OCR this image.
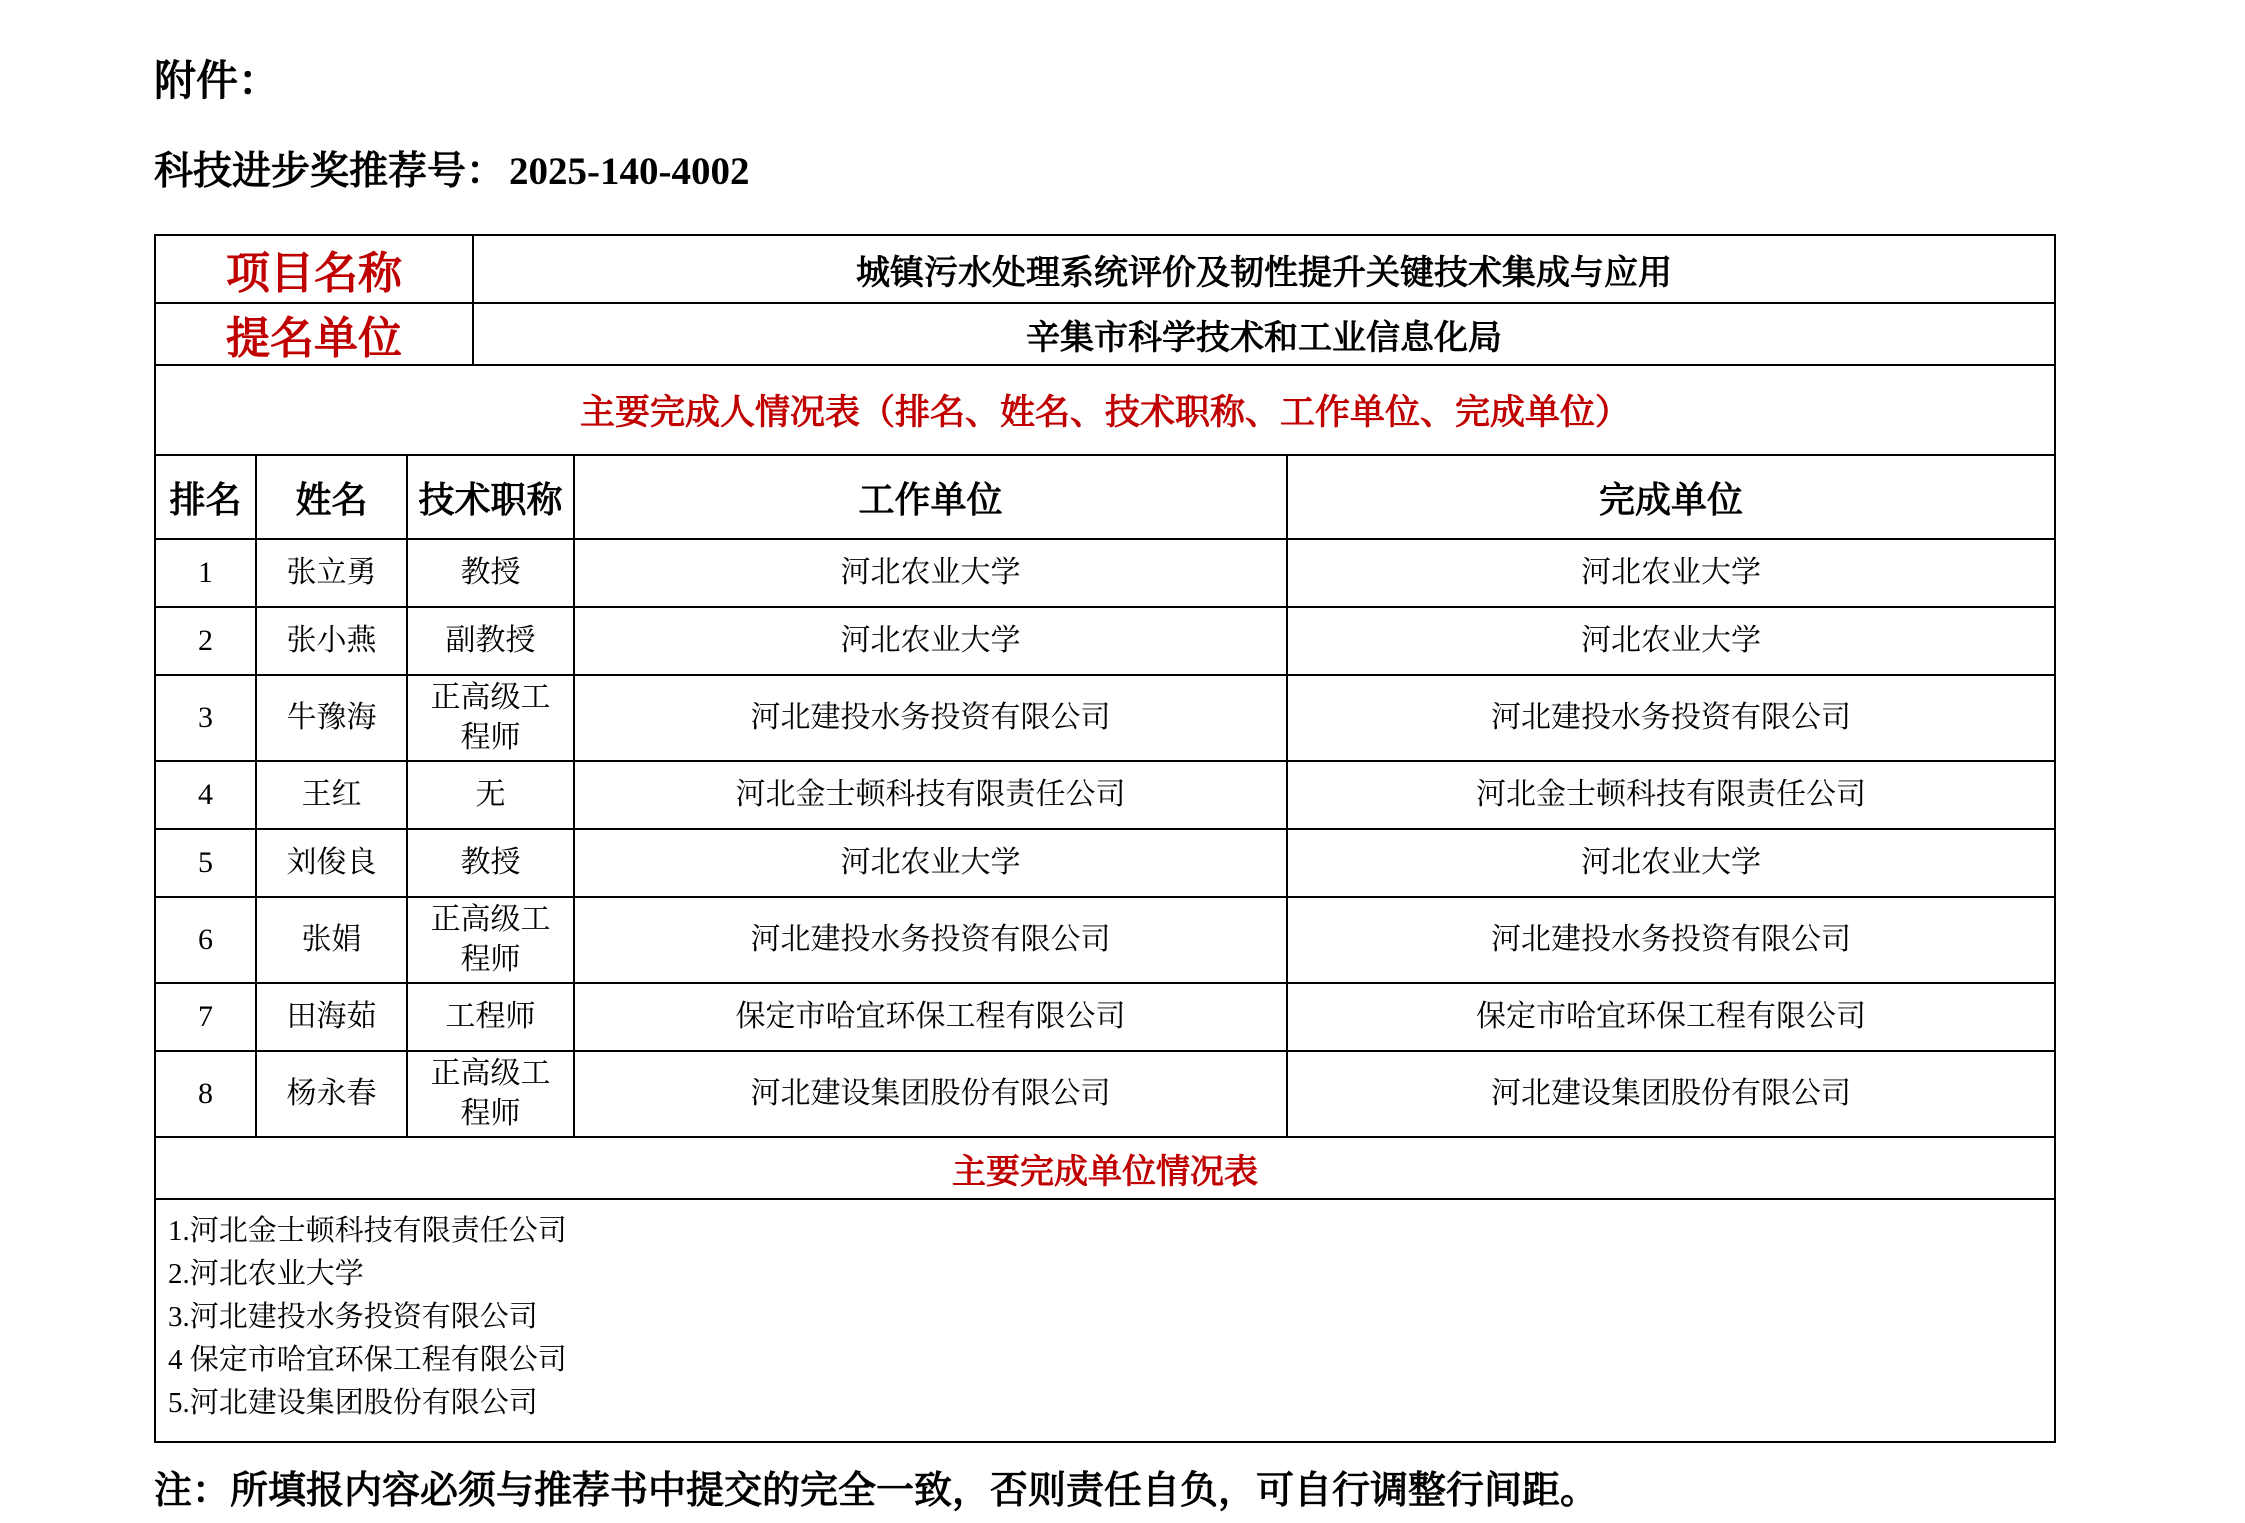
附件：
科技进步奖推荐号： 2025-140-4002
项目名称	城镇污水处理系统评价及韧性提升关键技术集成与应用
提名单位	辛集市科学技术和工业信息化局
主要完成人情况表（排名、姓名、技术职称、工作单位、完成单位）
排名	姓名	技术职称	工作单位	完成单位
1	张立勇	教授	河北农业大学	河北农业大学
2	张小燕	副教授	河北农业大学	河北农业大学
3	牛豫海	正高级工程师	河北建投水务投资有限公司	河北建投水务投资有限公司
4	王红	无	河北金士顿科技有限责任公司	河北金士顿科技有限责任公司
5	刘俊良	教授	河北农业大学	河北农业大学
6	张娟	正高级工程师	河北建投水务投资有限公司	河北建投水务投资有限公司
7	田海茹	工程师	保定市哈宜环保工程有限公司	保定市哈宜环保工程有限公司
8	杨永春	正高级工程师	河北建设集团股份有限公司	河北建设集团股份有限公司
主要完成单位情况表
1.河北金士顿科技有限责任公司
2.河北农业大学
3.河北建投水务投资有限公司
4 保定市哈宜环保工程有限公司
5.河北建设集团股份有限公司
注：所填报内容必须与推荐书中提交的完全一致，否则责任自负，可自行调整行间距。
